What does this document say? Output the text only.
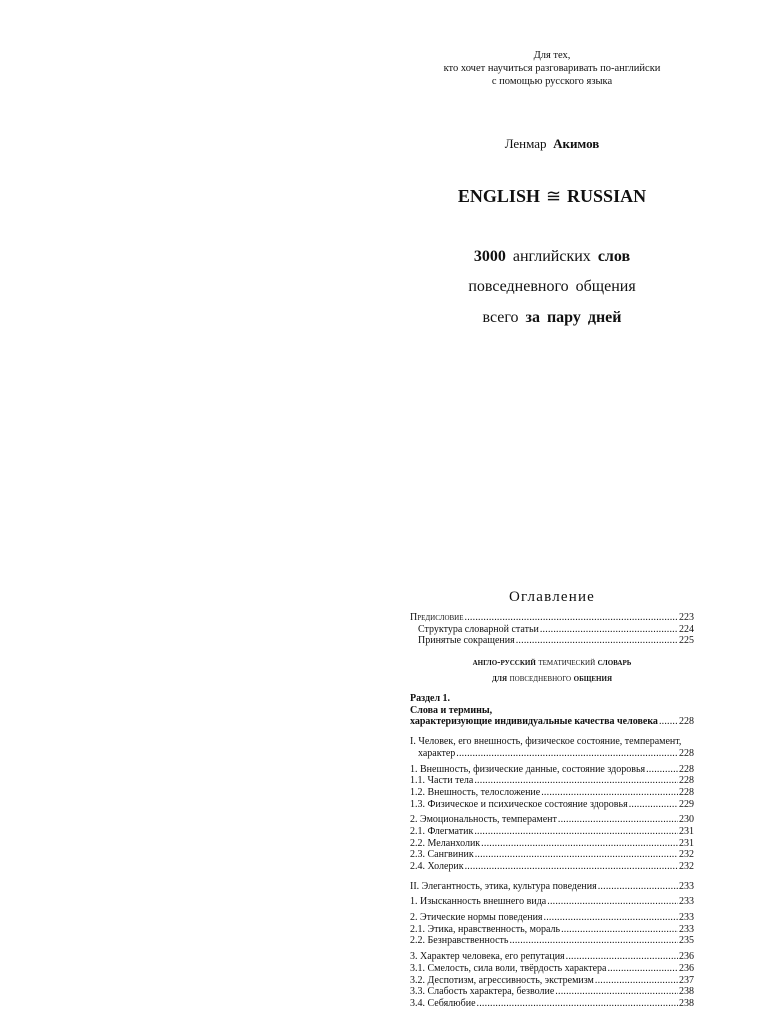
Для тех,
кто хочет научиться разговаривать по-английски
с помощью русского языка
Ленмар Акимов
ENGLISH ≅ RUSSIAN
3000 английских слов
повседневного общения
всего за пару дней
Оглавление
Предисловие .....	223
Структура словарной статьи .....	224
Принятые сокращения .....	225
англо-русский тематический словарь
для повседневного общения
Раздел 1.
Слова и термины,
характеризующие индивидуальные качества человека ..... 228
I. Человек, его внешность, физическое состояние, темперамент,
характер .....	228
1. Внешность, физические данные, состояние здоровья .....	228
1.1. Части тела .....	228
1.2. Внешность, телосложение .....	228
1.3. Физическое и психическое состояние здоровья .....	229
2. Эмоциональность, темперамент .....	230
2.1. Флегматик .....	231
2.2. Меланхолик .....	231
2.3. Сангвиник .....	232
2.4. Холерик .....	232
II. Элегантность, этика, культура поведения .....	233
1. Изысканность внешнего вида .....	233
2. Этические нормы поведения .....	233
2.1. Этика, нравственность, мораль .....	233
2.2. Безнравственность .....	235
3. Характер человека, его репутация .....	236
3.1. Смелость, сила воли, твёрдость характера .....	236
3.2. Деспотизм, агрессивность, экстремизм .....	237
3.3. Слабость характера, безволие .....	238
3.4. Себялюбие .....	238
